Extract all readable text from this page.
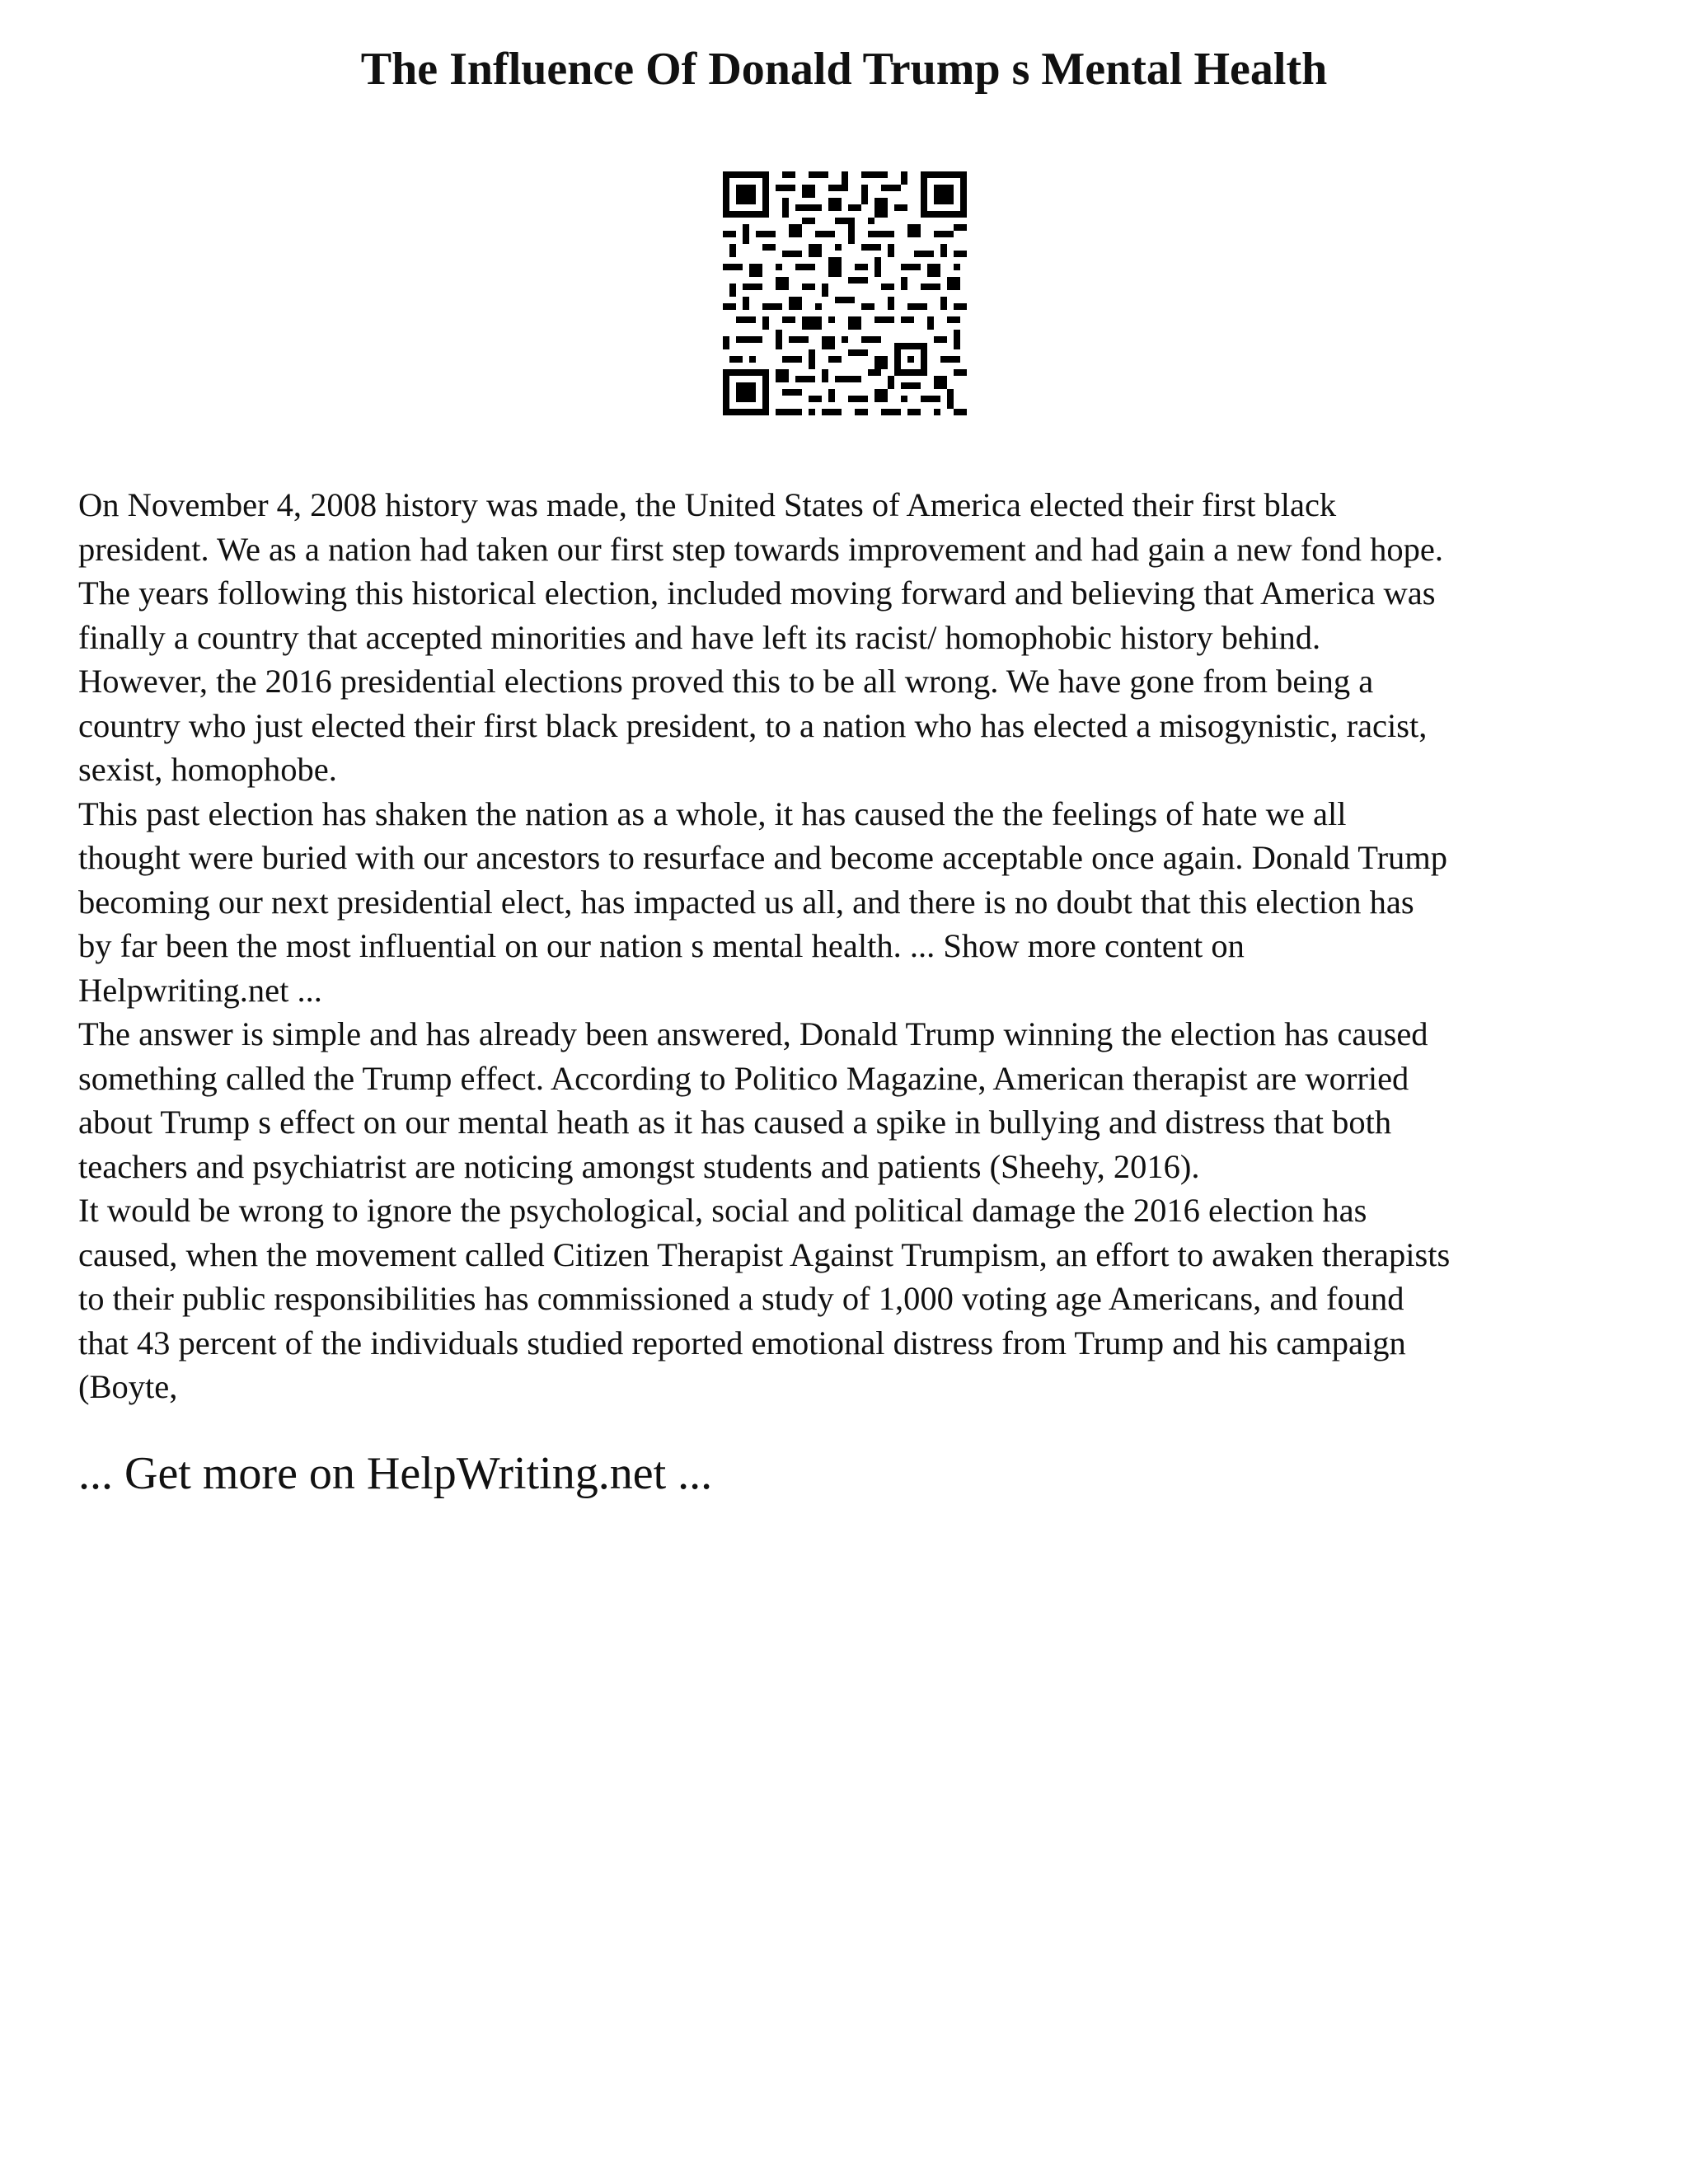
The Influence Of Donald Trump s Mental Health

On November 4, 2008 history was made, the United States of America elected their first black
president. We as a nation had taken our first step towards improvement and had gain a new fond hope.
The years following this historical election, included moving forward and believing that America was
finally a country that accepted minorities and have left its racist/ homophobic history behind.
However, the 2016 presidential elections proved this to be all wrong. We have gone from being a
country who just elected their first black president, to a nation who has elected a misogynistic, racist,
sexist, homophobe.

This past election has shaken the nation as a whole, it has caused the the feelings of hate we all
thought were buried with our ancestors to resurface and become acceptable once again. Donald Trump
becoming our next presidential elect, has impacted us all, and there is no doubt that this election has
by far been the most influential on our nation s mental health. ... Show more content on
Helpwriting.net ...

The answer is simple and has already been answered, Donald Trump winning the election has caused
something called the Trump effect. According to Politico Magazine, American therapist are worried
about Trump s effect on our mental heath as it has caused a spike in bullying and distress that both
teachers and psychiatrist are noticing amongst students and patients (Sheehy, 2016).

It would be wrong to ignore the psychological, social and political damage the 2016 election has
caused, when the movement called Citizen Therapist Against Trumpism, an effort to awaken therapists
to their public responsibilities has commissioned a study of 1,000 voting age Americans, and found
that 43 percent of the individuals studied reported emotional distress from Trump and his campaign
(Boyte,

... Get more on HelpWriting.net ...
